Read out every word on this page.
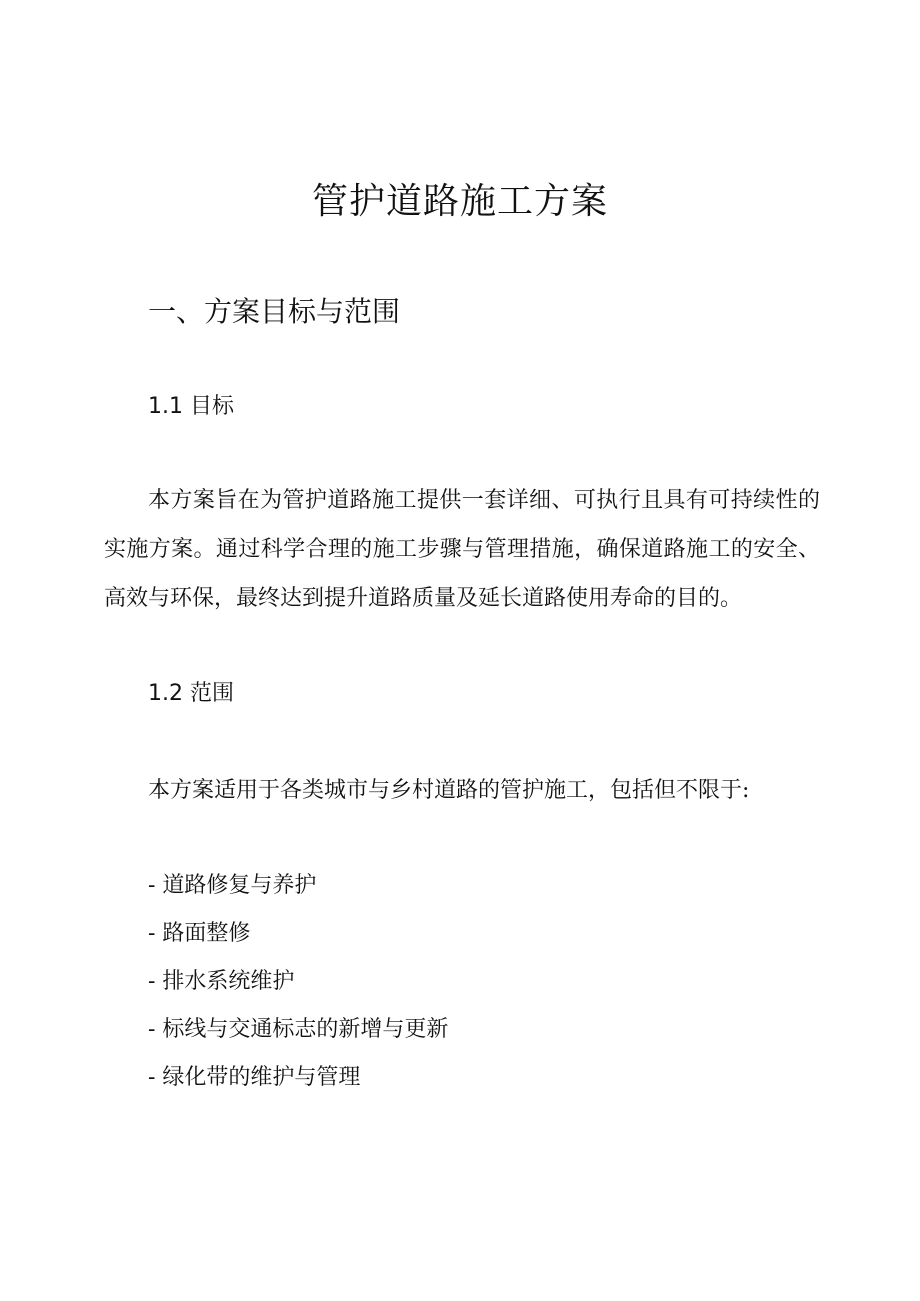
管护道路施工方案
一、方案目标与范围
1.1 目标

本方案旨在为管护道路施工提供一套详细、可执行且具有可持续性的实施方案。通过科学合理的施工步骤与管理措施，确保道路施工的安全、高效与环保，最终达到提升道路质量及延长道路使用寿命的目的。

1.2 范围

本方案适用于各类城市与乡村道路的管护施工，包括但不限于:

- 道路修复与养护
- 路面整修
- 排水系统维护
- 标线与交通标志的新增与更新
- 绿化带的维护与管理
